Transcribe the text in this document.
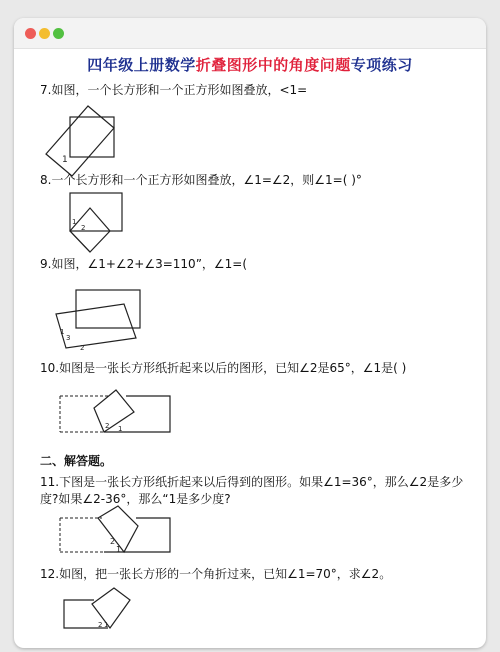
四年级上册数学折叠图形中的角度问题专项练习
7.如图，一个长方形和一个正方形如图叠放，<1=
1
8.一个长方形和一个正方形如图叠放，∠1=∠2，则∠1=( )°
1
2
9.如图，∠1+∠2+∠3=110”，∠1=(
1
3
2
10.如图是一张长方形纸折起来以后的图形，已知∠2是65°，∠1是( )
2 1
二、解答题。
11.下图是一张长方形纸折起来以后得到的图形。如果∠1=36°，那么∠2是多少度?如果∠2-36°，那么“1是多少度?
2
1
12.如图，把一张长方形的一个角折过来，已知∠1=70°，求∠2。
2 1
